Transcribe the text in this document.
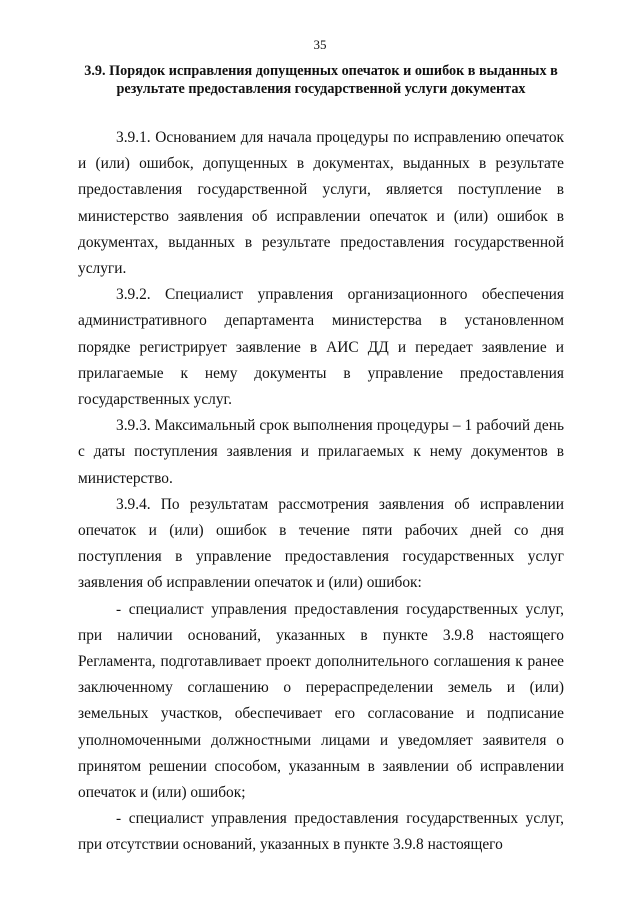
35
3.9. Порядок исправления допущенных опечаток и ошибок в выданных в результате предоставления государственной услуги документах

3.9.1. Основанием для начала процедуры по исправлению опечаток и (или) ошибок, допущенных в документах, выданных в результате предоставления государственной услуги, является поступление в министерство заявления об исправлении опечаток и (или) ошибок в документах, выданных в результате предоставления государственной услуги.

3.9.2. Специалист управления организационного обеспечения административного департамента министерства в установленном порядке регистрирует заявление в АИС ДД и передает заявление и прилагаемые к нему документы в управление предоставления государственных услуг.

3.9.3. Максимальный срок выполнения процедуры – 1 рабочий день с даты поступления заявления и прилагаемых к нему документов в министерство.

3.9.4. По результатам рассмотрения заявления об исправлении опечаток и (или) ошибок в течение пяти рабочих дней со дня поступления в управление предоставления государственных услуг заявления об исправлении опечаток и (или) ошибок:

- специалист управления предоставления государственных услуг, при наличии оснований, указанных в пункте 3.9.8 настоящего Регламента, подготавливает проект дополнительного соглашения к ранее заключенному соглашению о перераспределении земель и (или) земельных участков, обеспечивает его согласование и подписание уполномоченными должностными лицами и уведомляет заявителя о принятом решении способом, указанным в заявлении об исправлении опечаток и (или) ошибок;

- специалист управления предоставления государственных услуг, при отсутствии оснований, указанных в пункте 3.9.8 настоящего
